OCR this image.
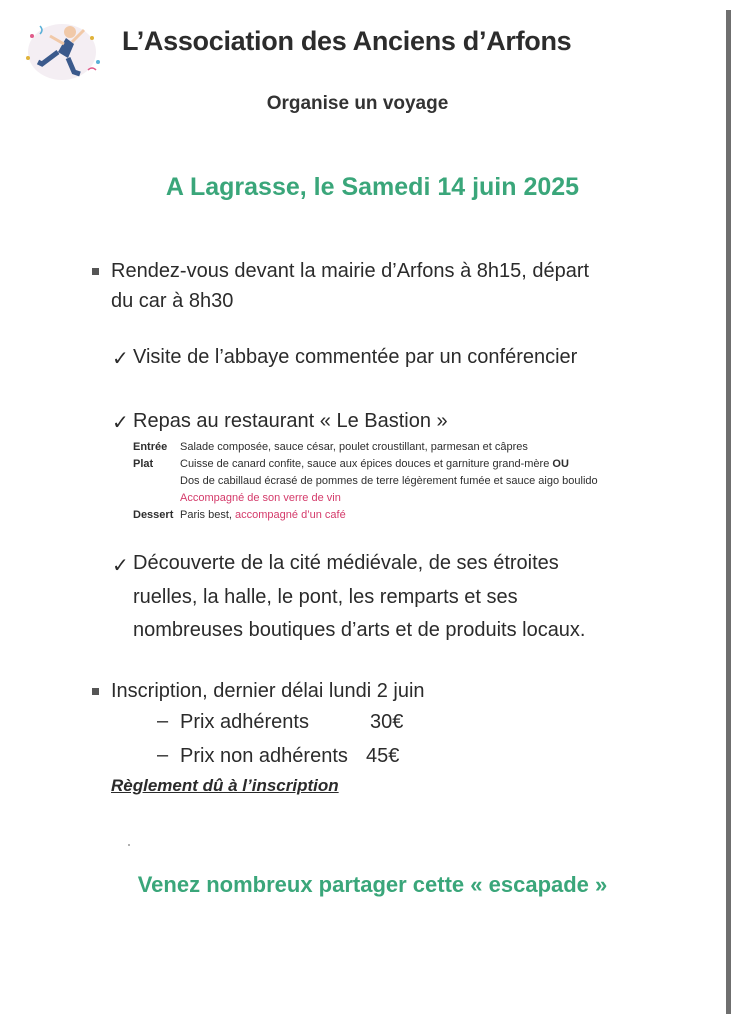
L’Association des Anciens d’Arfons
Organise un voyage
A Lagrasse, le Samedi 14 juin 2025
Rendez-vous devant la mairie d’Arfons à 8h15, départ
du car à 8h30
✓ Visite de l’abbaye commentée par un conférencier
✓ Repas au restaurant « Le Bastion »
Entrée	Salade composée, sauce césar, poulet croustillant, parmesan et câpres
Plat	Cuisse de canard confite, sauce aux épices douces et garniture grand-mère OU
Dos de cabillaud écrasé de pommes de terre légèrement fumée et sauce aigo boulido
Accompagné de son verre de vin
Dessert Paris best, accompagné d’un café
✓ Découverte de la cité médiévale, de ses étroites
ruelles, la halle, le pont, les remparts et ses
nombreuses boutiques d’arts et de produits locaux.
Inscription, dernier délai lundi 2 juin
– Prix adhérents	30€
– Prix non adhérents 45€
Règlement dû à l’inscription
Venez nombreux partager cette « escapade »
